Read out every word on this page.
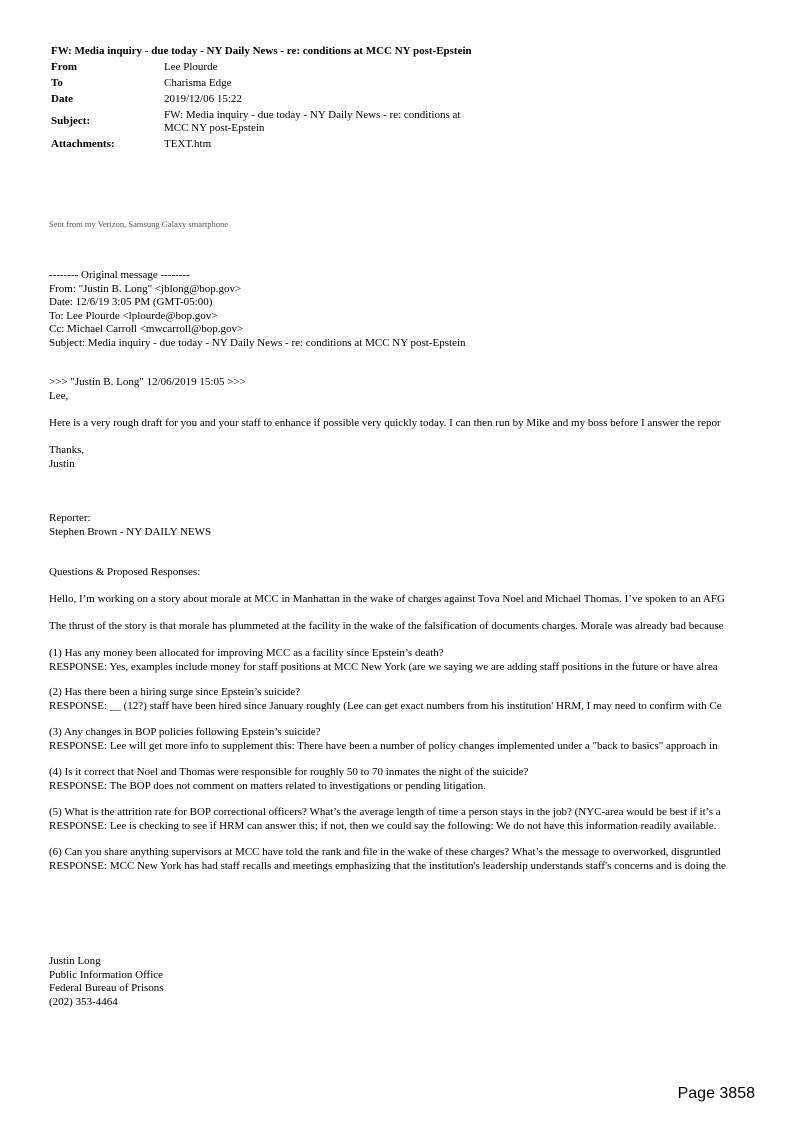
FW: Media inquiry - due today - NY Daily News - re: conditions at MCC NY post-Epstein
From	Lee Plourde
To	Charisma Edge
Date	2019/12/06 15:22
Subject:	FW: Media inquiry - due today - NY Daily News - re: conditions at
MCC NY post-Epstein
Attachments:	TEXT.htm
Sent from my Verizon, Samsung Galaxy smartphone
-------- Original message --------
From: "Justin B. Long" <jblong@bop.gov>
Date: 12/6/19 3:05 PM (GMT-05:00)
To: Lee Plourde <lplourde@bop.gov>
Cc: Michael Carroll <mwcarroll@bop.gov>
Subject: Media inquiry - due today - NY Daily News - re: conditions at MCC NY post-Epstein
>>> "Justin B. Long" 12/06/2019 15:05 >>>
Lee,
Here is a very rough draft for you and your staff to enhance if possible very quickly today. I can then run by Mike and my boss before I answer the repor
Thanks,
Justin
Reporter:
Stephen Brown - NY DAILY NEWS
Questions & Proposed Responses:
Hello, I’m working on a story about morale at MCC in Manhattan in the wake of charges against Tova Noel and Michael Thomas. I’ve spoken to an AFG
The thrust of the story is that morale has plummeted at the facility in the wake of the falsification of documents charges. Morale was already bad because
(1) Has any money been allocated for improving MCC as a facility since Epstein’s death?
RESPONSE: Yes, examples include money for staff positions at MCC New York (are we saying we are adding staff positions in the future or have alrea
(2) Has there been a hiring surge since Epstein’s suicide?
RESPONSE: __ (12?) staff have been hired since January roughly (Lee can get exact numbers from his institution' HRM, I may need to confirm with Ce
(3) Any changes in BOP policies following Epstein’s suicide?
RESPONSE: Lee will get more info to supplement this: There have been a number of policy changes implemented under a "back to basics" approach in
(4) Is it correct that Noel and Thomas were responsible for roughly 50 to 70 inmates the night of the suicide?
RESPONSE: The BOP does not comment on matters related to investigations or pending litigation.
(5) What is the attrition rate for BOP correctional officers? What’s the average length of time a person stays in the job? (NYC-area would be best if it’s a
RESPONSE: Lee is checking to see if HRM can answer this; if not, then we could say the following: We do not have this information readily available.
(6) Can you share anything supervisors at MCC have told the rank and file in the wake of these charges? What’s the message to overworked, disgruntled
RESPONSE: MCC New York has had staff recalls and meetings emphasizing that the institution's leadership understands staff's concerns and is doing the
Justin Long
Public Information Office
Federal Bureau of Prisons
(202) 353-4464
Page 3858
